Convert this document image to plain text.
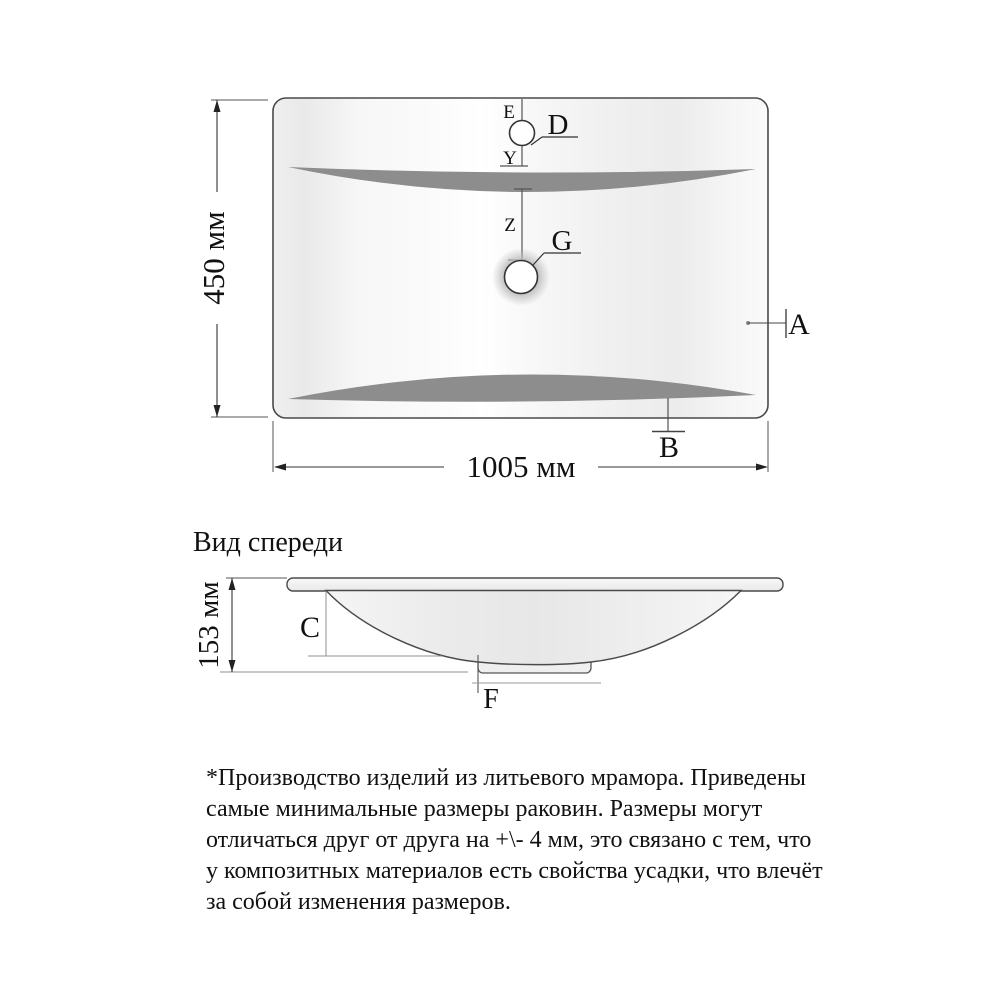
E
Y
Z
D
G
A
B
450 мм
1005 мм
Вид спереди
153 мм C
F
*Производство изделий из литьевого мрамора. Приведены
самые минимальные размеры раковин. Размеры могут
отличаться друг от друга на +\- 4 мм, это связано с тем, что
у композитных материалов есть свойства усадки, что влечёт
за собой изменения размеров.
